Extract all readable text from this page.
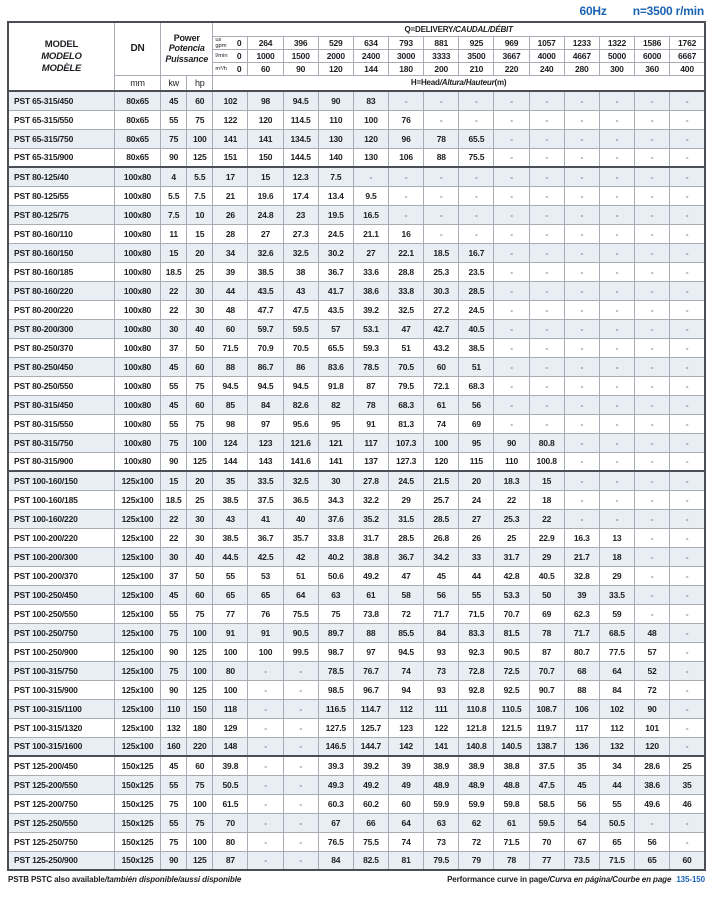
60Hz n=3500 r/min
MODEL
MODELO
MODÈLE
	DN	
Power
Potencia
Puissance
	Q=DELIVERY/CAUDAL/DÉBIT

				us gpm 0	264	396	529	634	793	881	925	969	1057	1233	1322	1586	1762

				l/min 0	1000	1500	2000	2400	3000	3333	3500	3667	4000	4667	5000	6000	6667

				m³/h 0	60	90	120	144	180	200	210	220	240	280	300	360	400
	mm	kw	hp	H=Head/Altura/Hauteur(m)													
PST 65-315/450	80x65	45	60	102	98	94.5	90	83	-	-	-	-	-	-	-	-	-
PST 65-315/550	80x65	55	75	122	120	114.5	110	100	76	-	-	-	-	-	-	-	-
PST 65-315/750	80x65	75	100	141	141	134.5	130	120	96	78	65.5	-	-	-	-	-	-
PST 65-315/900	80x65	90	125	151	150	144.5	140	130	106	88	75.5	-	-	-	-	-	-
PST 80-125/40	100x80	4	5.5	17	15	12.3	7.5	-	-	-	-	-	-	-	-	-	-
PST 80-125/55	100x80	5.5	7.5	21	19.6	17.4	13.4	9.5	-	-	-	-	-	-	-	-	-
PST 80-125/75	100x80	7.5	10	26	24.8	23	19.5	16.5	-	-	-	-	-	-	-	-	-
PST 80-160/110	100x80	11	15	28	27	27.3	24.5	21.1	16	-	-	-	-	-	-	-	-
PST 80-160/150	100x80	15	20	34	32.6	32.5	30.2	27	22.1	18.5	16.7	-	-	-	-	-	-
PST 80-160/185	100x80	18.5	25	39	38.5	38	36.7	33.6	28.8	25.3	23.5	-	-	-	-	-	-
PST 80-160/220	100x80	22	30	44	43.5	43	41.7	38.6	33.8	30.3	28.5	-	-	-	-	-	-
PST 80-200/220	100x80	22	30	48	47.7	47.5	43.5	39.2	32.5	27.2	24.5	-	-	-	-	-	-
PST 80-200/300	100x80	30	40	60	59.7	59.5	57	53.1	47	42.7	40.5	-	-	-	-	-	-
PST 80-250/370	100x80	37	50	71.5	70.9	70.5	65.5	59.3	51	43.2	38.5	-	-	-	-	-	-
PST 80-250/450	100x80	45	60	88	86.7	86	83.6	78.5	70.5	60	51	-	-	-	-	-	-
PST 80-250/550	100x80	55	75	94.5	94.5	94.5	91.8	87	79.5	72.1	68.3	-	-	-	-	-	-
PST 80-315/450	100x80	45	60	85	84	82.6	82	78	68.3	61	56	-	-	-	-	-	-
PST 80-315/550	100x80	55	75	98	97	95.6	95	91	81.3	74	69	-	-	-	-	-	-
PST 80-315/750	100x80	75	100	124	123	121.6	121	117	107.3	100	95	90	80.8	-	-	-	-
PST 80-315/900	100x80	90	125	144	143	141.6	141	137	127.3	120	115	110	100.8	-	-	-	-
PST 100-160/150	125x100	15	20	35	33.5	32.5	30	27.8	24.5	21.5	20	18.3	15	-	-	-	-
PST 100-160/185	125x100	18.5	25	38.5	37.5	36.5	34.3	32.2	29	25.7	24	22	18	-	-	-	-
PST 100-160/220	125x100	22	30	43	41	40	37.6	35.2	31.5	28.5	27	25.3	22	-	-	-	-
PST 100-200/220	125x100	22	30	38.5	36.7	35.7	33.8	31.7	28.5	26.8	26	25	22.9	16.3	13	-	-
PST 100-200/300	125x100	30	40	44.5	42.5	42	40.2	38.8	36.7	34.2	33	31.7	29	21.7	18	-	-
PST 100-200/370	125x100	37	50	55	53	51	50.6	49.2	47	45	44	42.8	40.5	32.8	29	-	-
PST 100-250/450	125x100	45	60	65	65	64	63	61	58	56	55	53.3	50	39	33.5	-	-
PST 100-250/550	125x100	55	75	77	76	75.5	75	73.8	72	71.7	71.5	70.7	69	62.3	59	-	-
PST 100-250/750	125x100	75	100	91	91	90.5	89.7	88	85.5	84	83.3	81.5	78	71.7	68.5	48	-
PST 100-250/900	125x100	90	125	100	100	99.5	98.7	97	94.5	93	92.3	90.5	87	80.7	77.5	57	-
PST 100-315/750	125x100	75	100	80	-	-	78.5	76.7	74	73	72.8	72.5	70.7	68	64	52	-
PST 100-315/900	125x100	90	125	100	-	-	98.5	96.7	94	93	92.8	92.5	90.7	88	84	72	-
PST 100-315/1100	125x100	110	150	118	-	-	116.5	114.7	112	111	110.8	110.5	108.7	106	102	90	-
PST 100-315/1320	125x100	132	180	129	-	-	127.5	125.7	123	122	121.8	121.5	119.7	117	112	101	-
PST 100-315/1600	125x100	160	220	148	-	-	146.5	144.7	142	141	140.8	140.5	138.7	136	132	120	-
PST 125-200/450	150x125	45	60	39.8	-	-	39.3	39.2	39	38.9	38.9	38.8	37.5	35	34	28.6	25
PST 125-200/550	150x125	55	75	50.5	-	-	49.3	49.2	49	48.9	48.9	48.8	47.5	45	44	38.6	35
PST 125-200/750	150x125	75	100	61.5	-	-	60.3	60.2	60	59.9	59.9	59.8	58.5	56	55	49.6	46
PST 125-250/550	150x125	55	75	70	-	-	67	66	64	63	62	61	59.5	54	50.5	-	-
PST 125-250/750	150x125	75	100	80	-	-	76.5	75.5	74	73	72	71.5	70	67	65	56	-
PST 125-250/900	150x125	90	125	87	-	-	84	82.5	81	79.5	79	78	77	73.5	71.5	65	60
PSTB PSTC also available/también disponible/aussi disponible	Performance curve in page/Curva en página/Courbe en page 135-150
